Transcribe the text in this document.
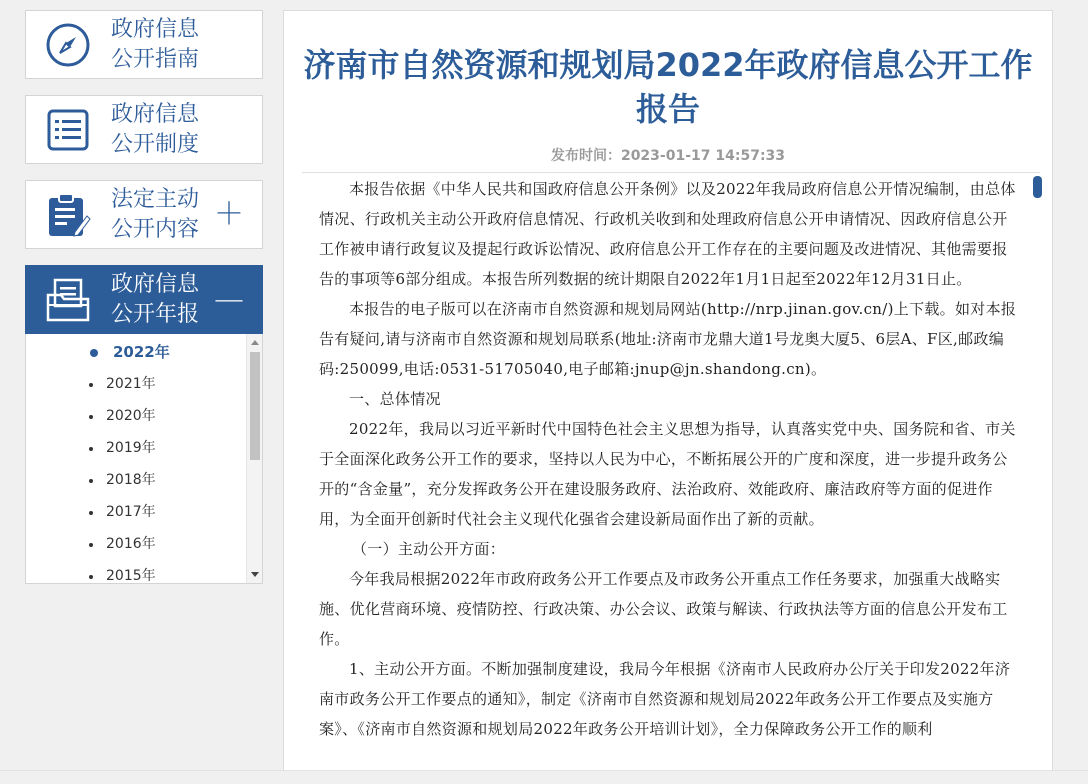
政府信息
公开指南
政府信息
公开制度
法定主动
公开内容 ＋
政府信息
公开年报 —
2022年
2021年
2020年
2019年
2018年
2017年
2016年
2015年
济南市自然资源和规划局2022年政府信息公开工作报告
发布时间：2023-01-17 14:57:33

本报告依据《中华人民共和国政府信息公开条例》以及2022年我局政府信息公开情况编制，由总体情况、行政机关主动公开政府信息情况、行政机关收到和处理政府信息公开申请情况、因政府信息公开工作被申请行政复议及提起行政诉讼情况、政府信息公开工作存在的主要问题及改进情况、其他需要报告的事项等6部分组成。本报告所列数据的统计期限自2022年1月1日起至2022年12月31日止。

本报告的电子版可以在济南市自然资源和规划局网站(http://nrp.jinan.gov.cn/)上下载。如对本报告有疑问,请与济南市自然资源和规划局联系(地址:济南市龙鼎大道1号龙奥大厦5、6层A、F区,邮政编码:250099,电话:0531-51705040,电子邮箱:jnup@jn.shandong.cn)。

一、总体情况

2022年，我局以习近平新时代中国特色社会主义思想为指导，认真落实党中央、国务院和省、市关于全面深化政务公开工作的要求，坚持以人民为中心，不断拓展公开的广度和深度，进一步提升政务公开的“含金量”，充分发挥政务公开在建设服务政府、法治政府、效能政府、廉洁政府等方面的促进作用，为全面开创新时代社会主义现代化强省会建设新局面作出了新的贡献。

（一）主动公开方面：

今年我局根据2022年市政府政务公开工作要点及市政务公开重点工作任务要求，加强重大战略实施、优化营商环境、疫情防控、行政决策、办公会议、政策与解读、行政执法等方面的信息公开发布工作。

1、主动公开方面。不断加强制度建设，我局今年根据《济南市人民政府办公厅关于印发2022年济南市政务公开工作要点的通知》，制定《济南市自然资源和规划局2022年政务公开工作要点及实施方案》、《济南市自然资源和规划局2022年政务公开培训计划》，全力保障政务公开工作的顺利
